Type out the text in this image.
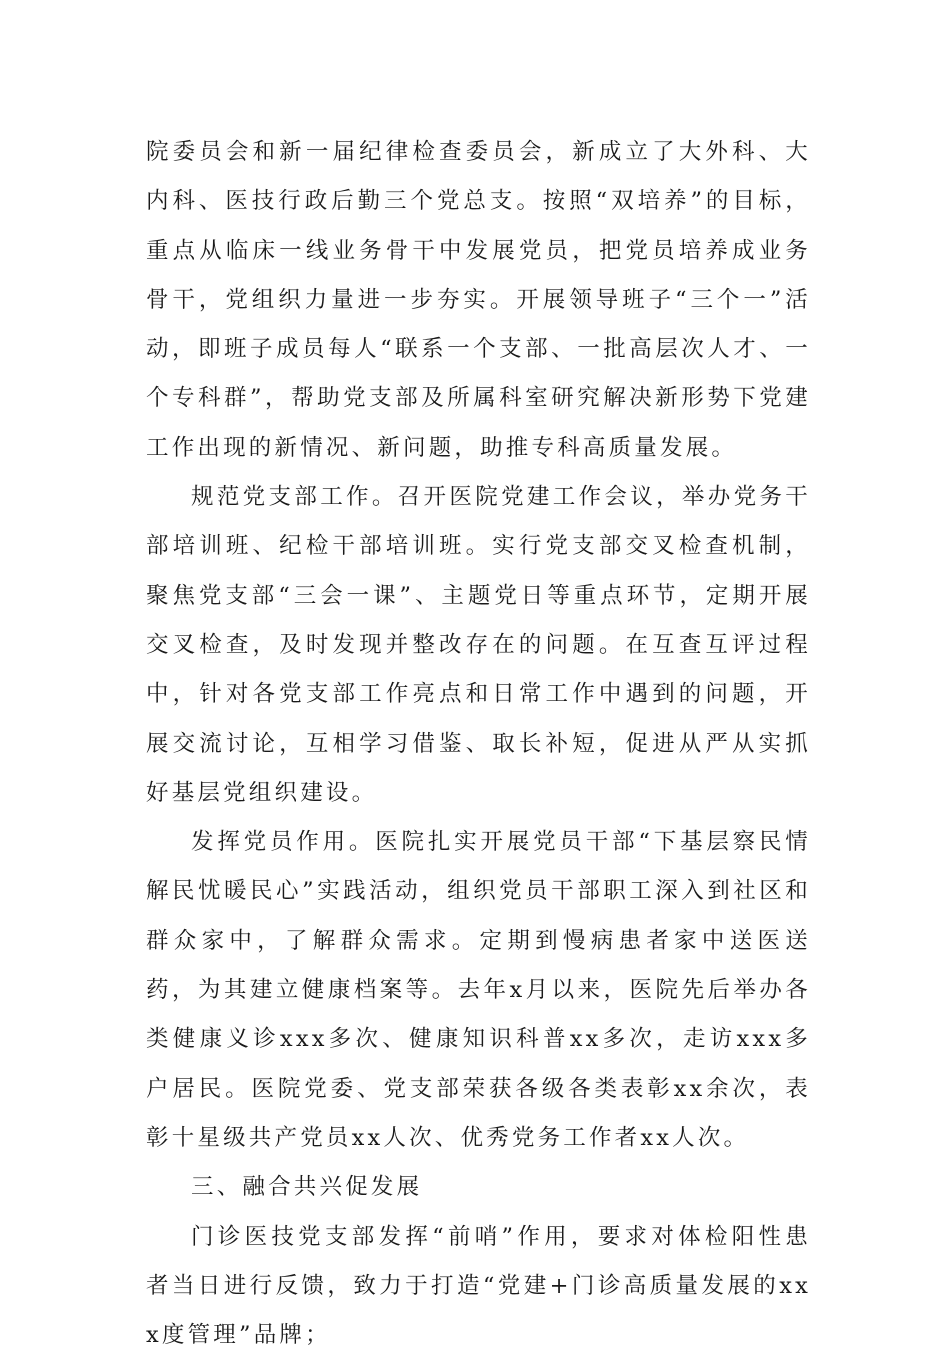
院委员会和新一届纪律检查委员会，新成立了大外科、大内科、医技行政后勤三个党总支。按照“双培养”的目标，重点从临床一线业务骨干中发展党员，把党员培养成业务骨干，党组织力量进一步夯实。开展领导班子“三个一”活动，即班子成员每人“联系一个支部、一批高层次人才、一个专科群”，帮助党支部及所属科室研究解决新形势下党建工作出现的新情况、新问题，助推专科高质量发展。

规范党支部工作。召开医院党建工作会议，举办党务干部培训班、纪检干部培训班。实行党支部交叉检查机制，聚焦党支部“三会一课”、主题党日等重点环节，定期开展交叉检查，及时发现并整改存在的问题。在互查互评过程中，针对各党支部工作亮点和日常工作中遇到的问题，开展交流讨论，互相学习借鉴、取长补短，促进从严从实抓好基层党组织建设。

发挥党员作用。医院扎实开展党员干部“下基层察民情解民忧暖民心”实践活动，组织党员干部职工深入到社区和群众家中，了解群众需求。定期到慢病患者家中送医送药，为其建立健康档案等。去年x月以来，医院先后举办各类健康义诊xxx多次、健康知识科普xx多次，走访xxx多户居民。医院党委、党支部荣获各级各类表彰xx余次，表彰十星级共产党员xx人次、优秀党务工作者xx人次。

三、融合共兴促发展

门诊医技党支部发挥“前哨”作用，要求对体检阳性患者当日进行反馈，致力于打造“党建+门诊高质量发展的xxx度管理”品牌；
